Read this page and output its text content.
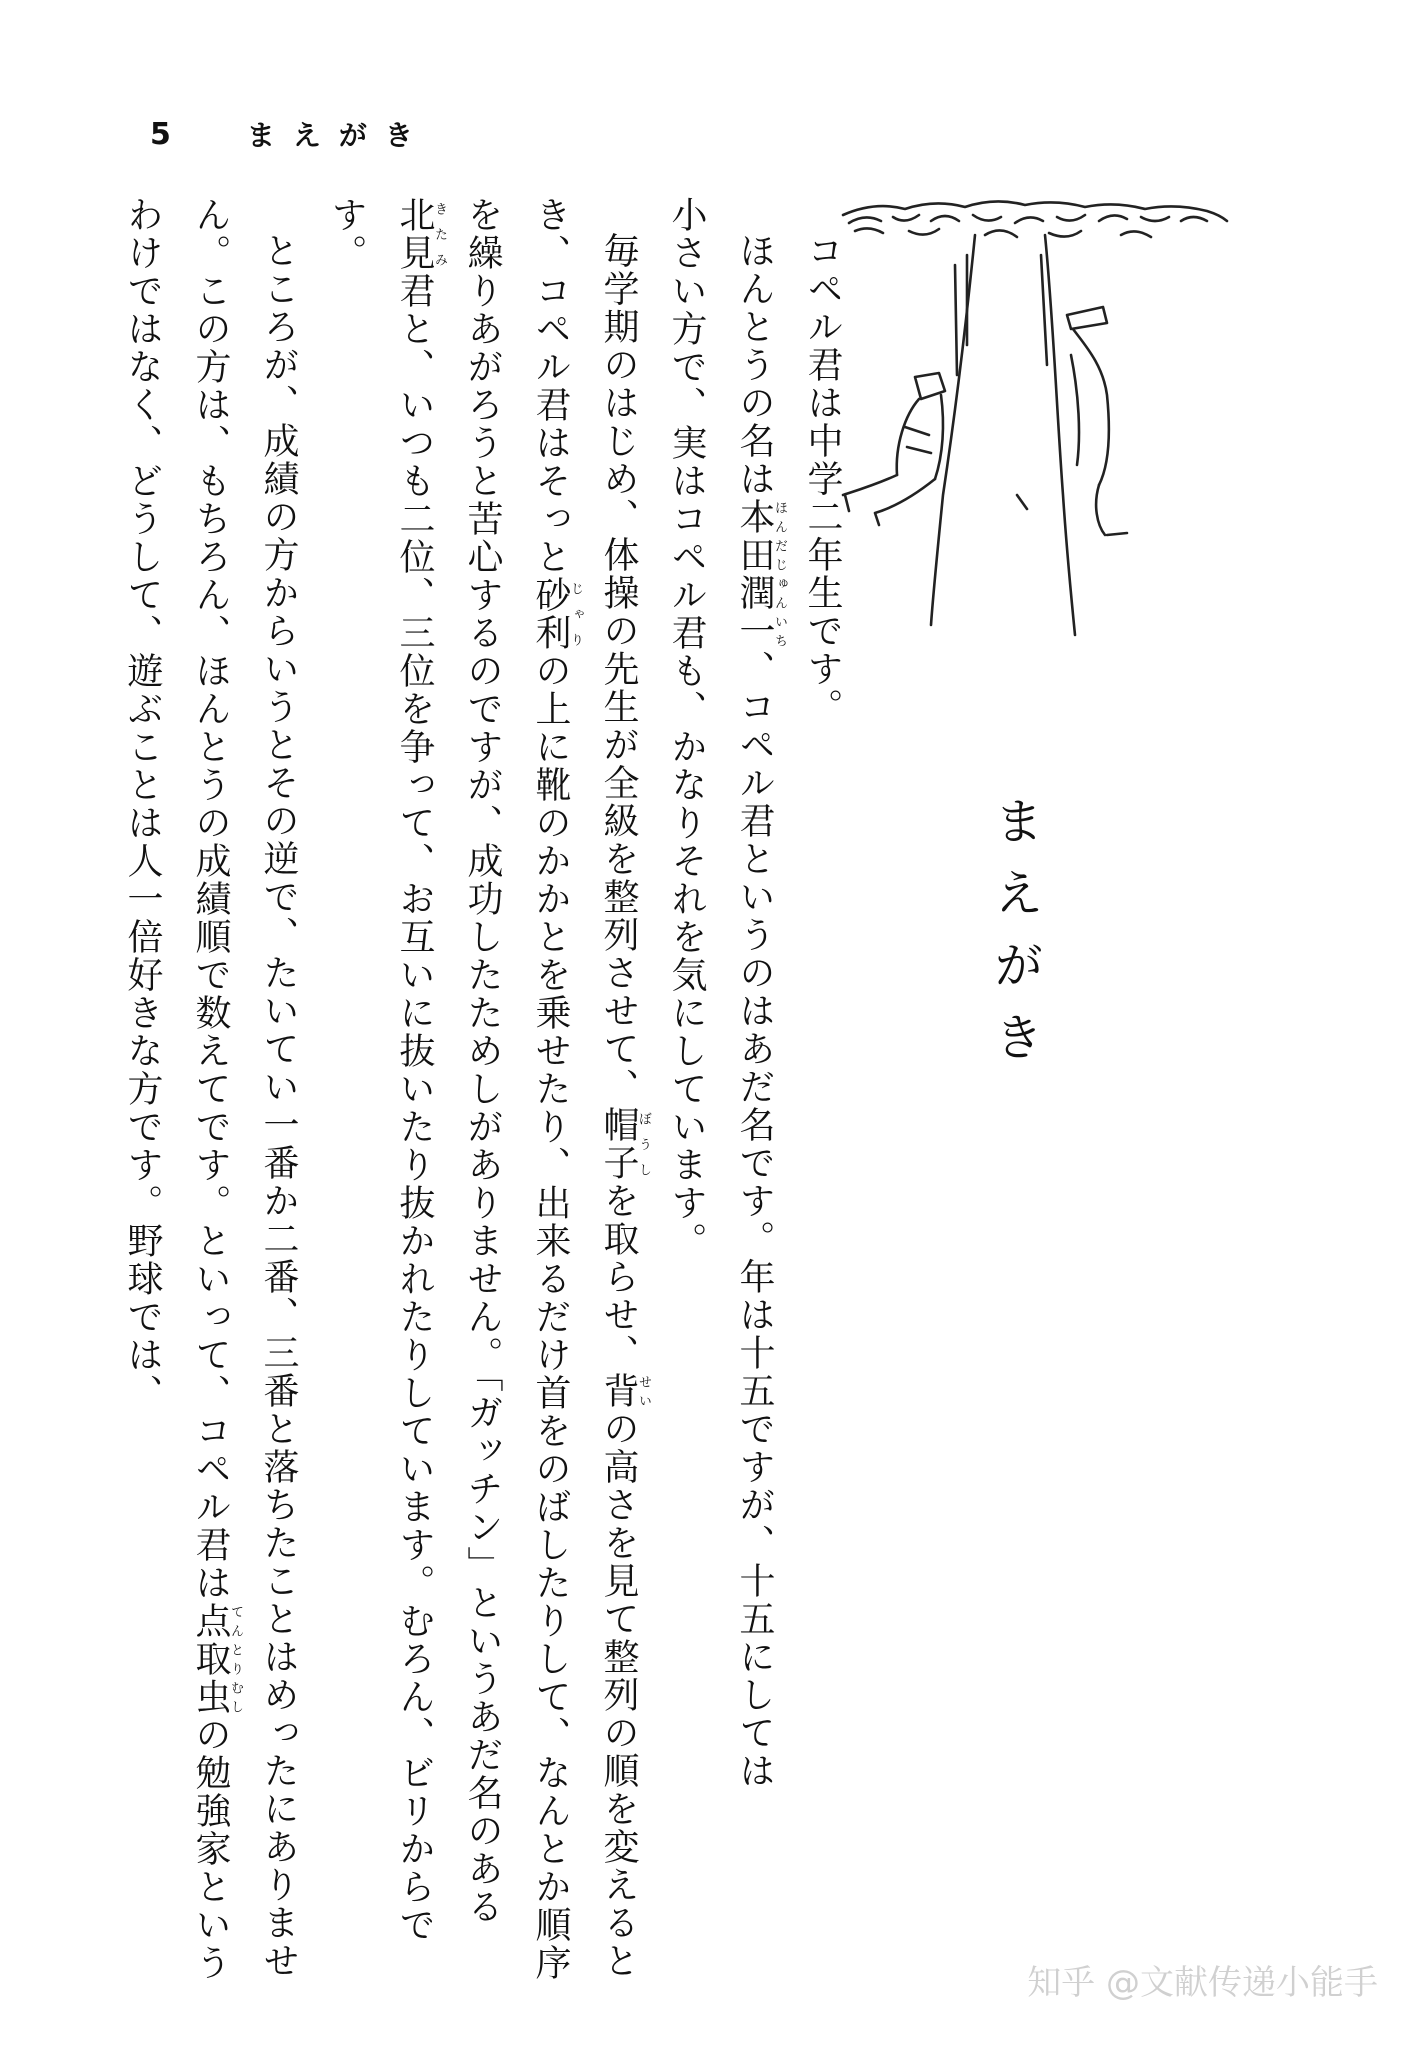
5	まえがき
まえがき

コペル君は中学二年生です。

ほんとうの名は本田潤一ほんだじゅんいち、コペル君というのはあだ名です。年は十五ですが、十五にしては

小さい方で、実はコペル君も、かなりそれを気にしています。

毎学期のはじめ、体操の先生が全級を整列させて、帽子ぼうしを取らせ、背せいの高さを見て整列の順を変えるとき、コペル君はそっと砂利じゃりの上に靴のかかとを乗せたり、出来るだけ首をのばしたりして、なんとか順序を繰りあがろうと苦心するのですが、成功したためしがありません。「ガッチン」というあだ名のある北見きたみ君と、いつも二位、三位を争って、お互いに抜いたり抜かれたりしています。むろん、ビリからです。

ところが、成績の方からいうとその逆で、たいてい一番か二番、三番と落ちたことはめったにありません。この方は、もちろん、ほんとうの成績順で数えてです。といって、コペル君は点取虫てんとりむしの勉強家というわけではなく、どうして、遊ぶことは人一倍好きな方です。野球では、

知乎 @文献传递小能手
